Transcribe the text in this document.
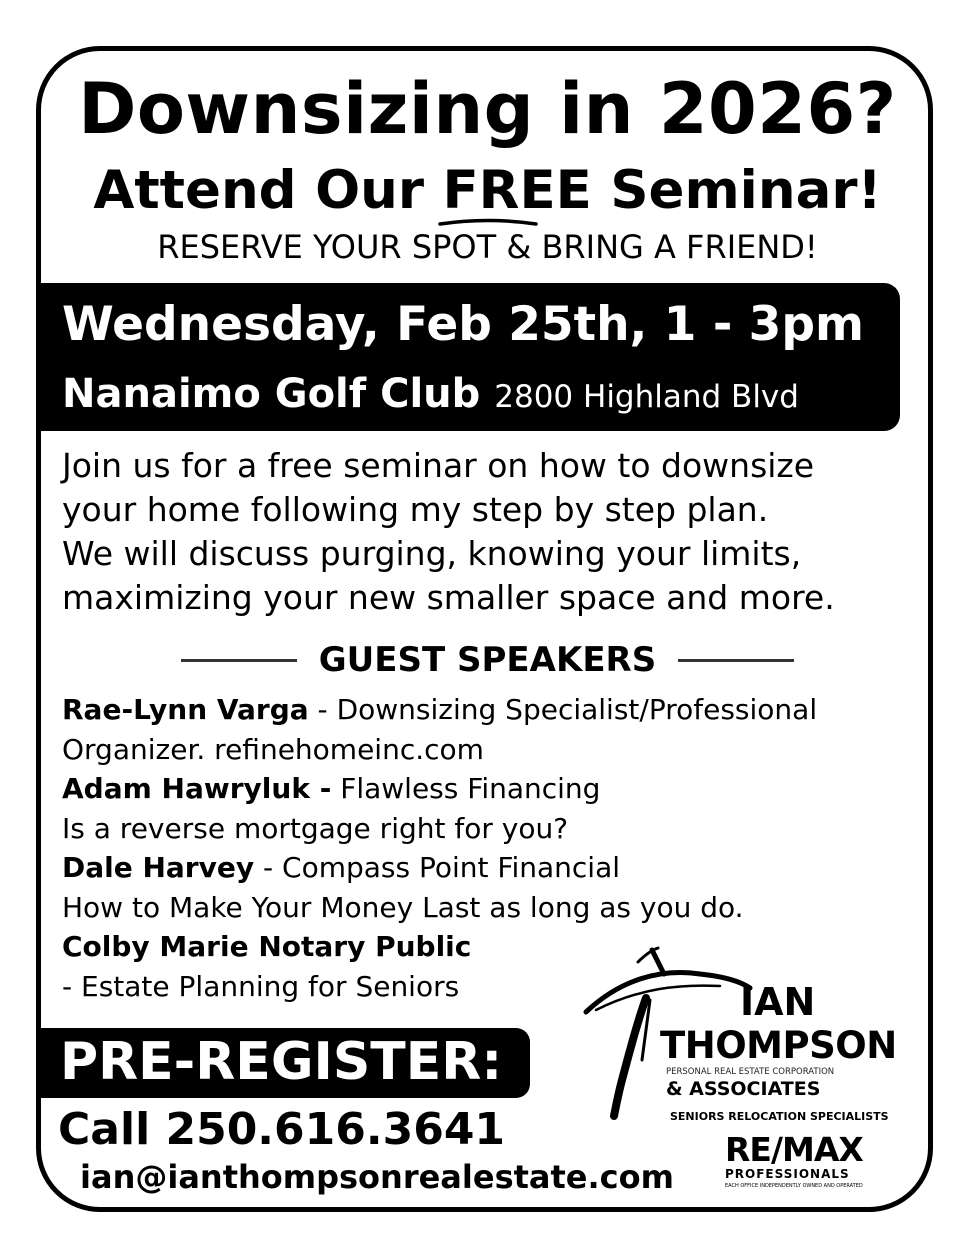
Downsizing in 2026?
Attend Our FREE
Seminar!
RESERVE YOUR SPOT & BRING A FRIEND!
Wednesday, Feb 25th, 1 - 3pm
Nanaimo Golf Club 2800 Highland Blvd
Join us for a free seminar on how to downsize
your home following my step by step plan.
We will discuss purging, knowing your limits,
maximizing your new smaller space and more.
GUEST SPEAKERS
Rae-Lynn Varga - Downsizing Specialist/Professional
Organizer. refinehomeinc.com
Adam Hawryluk - Flawless Financing
Is a reverse mortgage right for you?
Dale Harvey - Compass Point Financial
How to Make Your Money Last as long as you do.
Colby Marie Notary Public
- Estate Planning for Seniors
PRE-REGISTER:
Call 250.616.3641
ian@ianthompsonrealestate.com
IAN
THOMPSON
PERSONAL REAL ESTATE CORPORATION
& ASSOCIATES
SENIORS RELOCATION SPECIALISTS
RE/MAX
PROFESSIONALS
EACH OFFICE INDEPENDENTLY OWNED AND OPERATED
